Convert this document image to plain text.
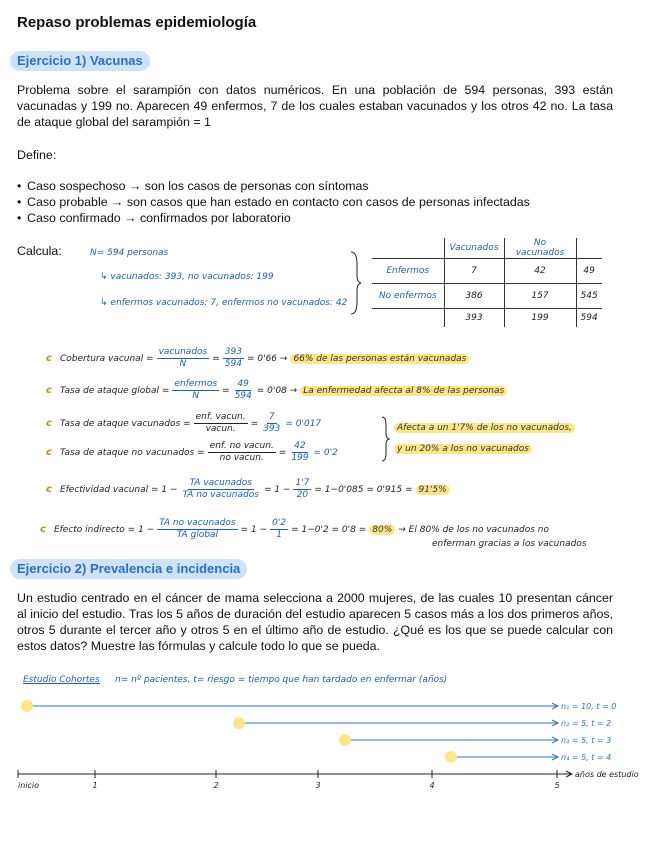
Repaso problemas epidemiología
Ejercicio 1) Vacunas

Problema sobre el sarampión con datos numéricos. En una población de 594 personas, 393 están vacunadas y 199 no. Aparecen 49 enfermos, 7 de los cuales estaban vacunados y los otros 42 no. La tasa de ataque global del sarampión = 1

Define:
• Caso sospechoso → son los casos de personas con síntomas
• Caso probable → son casos que han estado en contacto con casos de personas infectadas
• Caso confirmado → confirmados por laboratorio
Calcula:	N= 594 personas
↳ vacunados: 393, no vacunados: 199
↳ enfermos vacunados: 7, enfermos no vacunados: 42
	Vacunados	No vacunados	
Enfermos	7	42	49
No enfermos	386	157	545
	393	199	594
c Cobertura vacunal = $\frac{\text{vacunados}}{N} = \frac{393}{594} = 0'66 \to 66\%$ de las personas están vacunadas
c Tasa de ataque global = $\frac{\text{enfermos}}{N} = \frac{49}{594} = 0'08 \to La$ enfermedad afecta al 8% de las personas
c Tasa de ataque vacunados = $\frac{\text{enf. vacun.}}{\text{vacun.}} = \frac{7}{393} = 0'017$
c Tasa de ataque no vacunados = $\frac{\text{enf. no vacun.}}{\text{no vacun.}} = \frac{42}{199} = 0'2$
Afecta a un 1'7% de los no vacunados,
y un 20% a los no vacunados
c Efectividad vacunal = $1 - \frac{\text{TA vacunados}}{\text{TA no vacunados}} = 1 - \frac{1'7}{20} = 1-0'085 = 0'915 = 91'5\%$
c Efecto indirecto = $1 - \frac{\text{TA no vacunados}}{\text{TA global}} = 1 - \frac{0'2}{1} = 1-0'2 = 0'8 = 80\% \to El$ 80% de los no vacunados no
enferman gracias a los vacunados
Ejercicio 2) Prevalencia e incidencia

Un estudio centrado en el cáncer de mama selecciona a 2000 mujeres, de las cuales 10 presentan cáncer al inicio del estudio. Tras los 5 años de duración del estudio aparecen 5 casos más a los dos primeros años, otros 5 durante el tercer año y otros 5 en el último año de estudio. ¿Qué es los que se puede calcular con estos datos? Muestre las fórmulas y calcule todo lo que se pueda.

Estudio Cohortes n= nº pacientes, t= riesgo = tiempo que han tardado en enfermar (años)
n₁ = 10, t = 0
n₂ = 5, t = 2
n₃ = 5, t = 3
n₄ = 5, t = 4
inicio	1	2	3	4	5
años de estudio
